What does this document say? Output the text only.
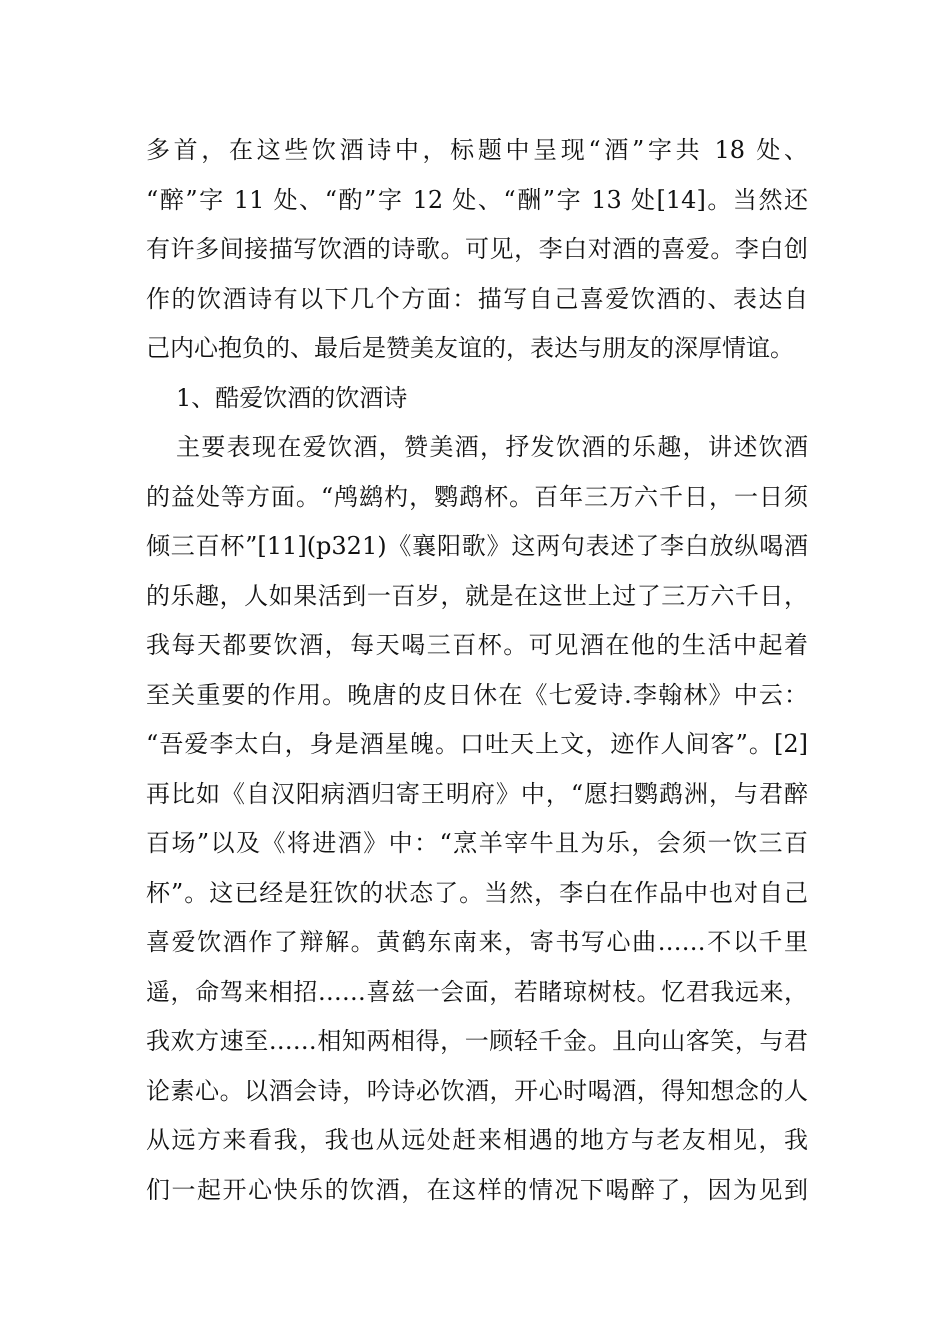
多首，在这些饮酒诗中，标题中呈现“酒”字共 18 处、
“醉”字 11 处、“酌”字 12 处、“酬”字 13 处[14]。当然还
有许多间接描写饮酒的诗歌。可见，李白对酒的喜爱。李白创
作的饮酒诗有以下几个方面：描写自己喜爱饮酒的、表达自
己内心抱负的、最后是赞美友谊的，表达与朋友的深厚情谊。
1、酷爱饮酒的饮酒诗
主要表现在爱饮酒，赞美酒，抒发饮酒的乐趣，讲述饮酒
的益处等方面。“鸬鹚杓，鹦鹉杯。百年三万六千日，一日须
倾三百杯”[11](p321)《襄阳歌》这两句表述了李白放纵喝酒
的乐趣，人如果活到一百岁，就是在这世上过了三万六千日，
我每天都要饮酒，每天喝三百杯。可见酒在他的生活中起着
至关重要的作用。晚唐的皮日休在《七爱诗.李翰林》中云：
“吾爱李太白，身是酒星魄。口吐天上文，迹作人间客”。[2]
再比如《自汉阳病酒归寄王明府》中，“愿扫鹦鹉洲，与君醉
百场”以及《将进酒》中：“烹羊宰牛且为乐，会须一饮三百
杯”。这已经是狂饮的状态了。当然，李白在作品中也对自己
喜爱饮酒作了辩解。黄鹤东南来，寄书写心曲……不以千里
遥，命驾来相招……喜兹一会面，若睹琼树枝。忆君我远来，
我欢方速至……相知两相得，一顾轻千金。且向山客笑，与君
论素心。以酒会诗，吟诗必饮酒，开心时喝酒，得知想念的人
从远方来看我，我也从远处赶来相遇的地方与老友相见，我
们一起开心快乐的饮酒，在这样的情况下喝醉了，因为见到
